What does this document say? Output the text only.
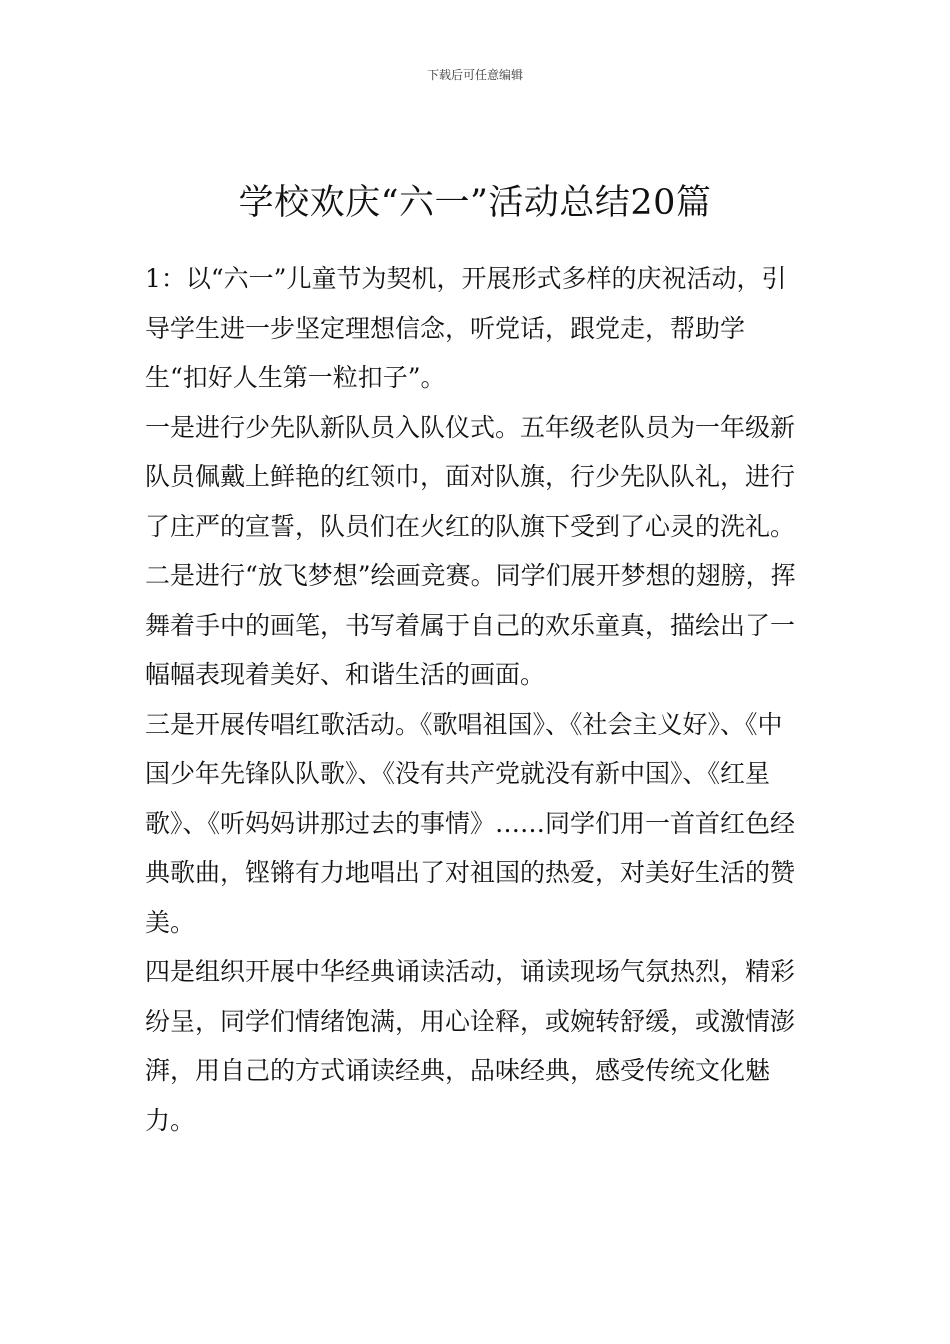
下载后可任意编辑
学校欢庆“六一”活动总结20篇

1：以“六一”儿童节为契机，开展形式多样的庆祝活动，引导学生进一步坚定理想信念，听党话，跟党走，帮助学生“扣好人生第一粒扣子”。

一是进行少先队新队员入队仪式。五年级老队员为一年级新队员佩戴上鲜艳的红领巾，面对队旗，行少先队队礼，进行了庄严的宣誓，队员们在火红的队旗下受到了心灵的洗礼。

二是进行“放飞梦想”绘画竞赛。同学们展开梦想的翅膀，挥舞着手中的画笔，书写着属于自己的欢乐童真，描绘出了一幅幅表现着美好、和谐生活的画面。

三是开展传唱红歌活动。《歌唱祖国》、《社会主义好》、《中国少年先锋队队歌》、《没有共产党就没有新中国》、《红星歌》、《听妈妈讲那过去的事情》……同学们用一首首红色经典歌曲，铿锵有力地唱出了对祖国的热爱，对美好生活的赞美。

四是组织开展中华经典诵读活动，诵读现场气氛热烈，精彩纷呈，同学们情绪饱满，用心诠释，或婉转舒缓，或激情澎湃，用自己的方式诵读经典，品味经典，感受传统文化魅力。
